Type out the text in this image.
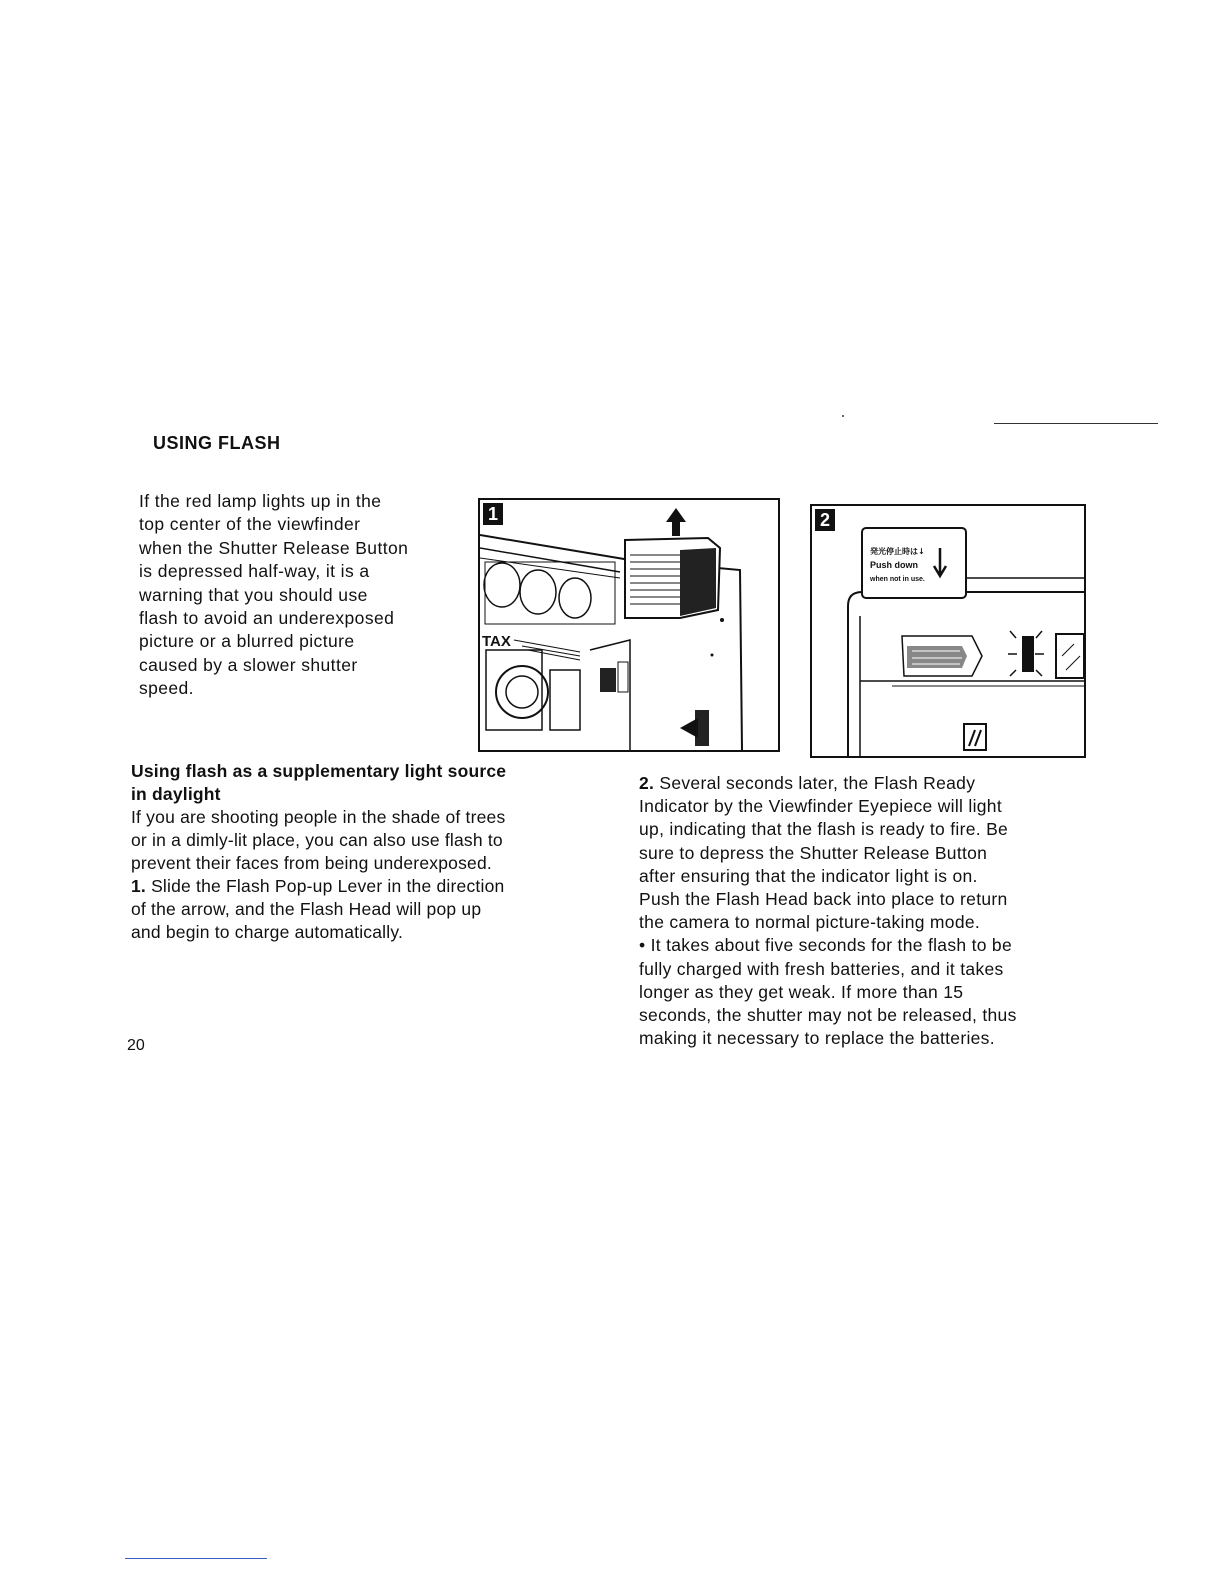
USING FLASH

If the red lamp lights up in the

top center of the viewfinder

when the Shutter Release Button

is depressed half-way, it is a

warning that you should use

flash to avoid an underexposed

picture or a blurred picture

caused by a slower shutter

speed.

TAX
1
発光停止時は↓
Push down
when not in use.
2

Using flash as a supplementary light source

in daylight

If you are shooting people in the shade of trees

or in a dimly-lit place, you can also use flash to

prevent their faces from being underexposed.

1. Slide the Flash Pop-up Lever in the direction

of the arrow, and the Flash Head will pop up

and begin to charge automatically.

2. Several seconds later, the Flash Ready

Indicator by the Viewfinder Eyepiece will light

up, indicating that the flash is ready to fire. Be

sure to depress the Shutter Release Button

after ensuring that the indicator light is on.

Push the Flash Head back into place to return

the camera to normal picture-taking mode.

• It takes about five seconds for the flash to be

fully charged with fresh batteries, and it takes

longer as they get weak. If more than 15

seconds, the shutter may not be released, thus

making it necessary to replace the batteries.

20
